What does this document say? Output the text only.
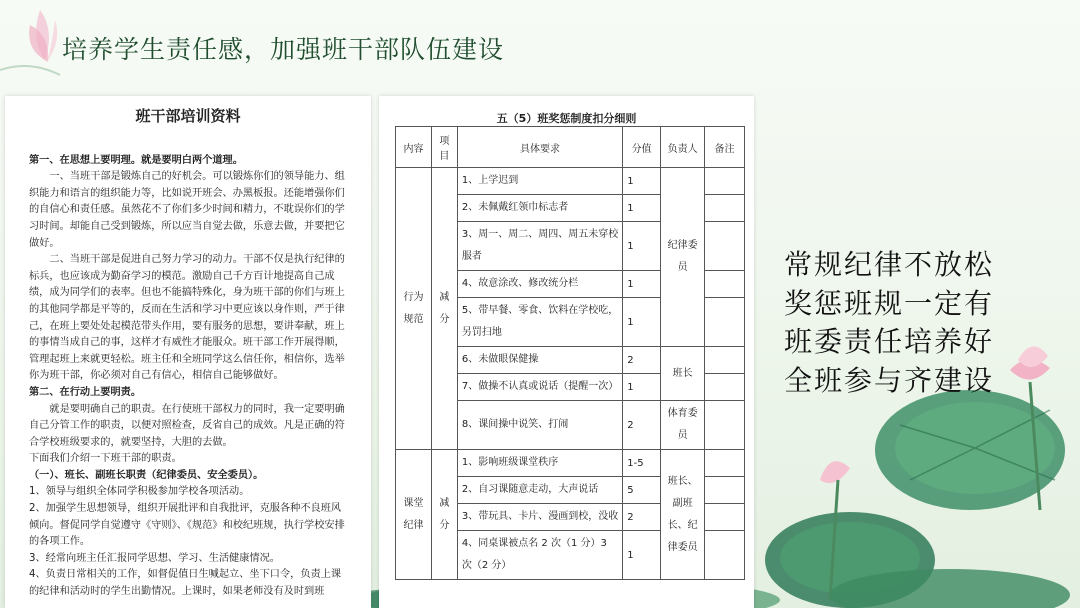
培养学生责任感，加强班干部队伍建设
班干部培训资料

第一、在思想上要明理。就是要明白两个道理。

一、当班干部是锻炼自己的好机会。可以锻炼你们的领导能力、组织能力和语言的组织能力等，比如说开班会、办黑板报。还能增强你们的自信心和责任感。虽然花不了你们多少时间和精力，不耽误你们的学习时间。却能自己受到锻炼，所以应当自觉去做，乐意去做，并要把它做好。

二、当班干部是促进自己努力学习的动力。干部不仅是执行纪律的标兵，也应该成为勤奋学习的模范。激励自己千方百计地提高自己成绩，成为同学们的表率。但也不能搞特殊化，身为班干部的你们与班上的其他同学都是平等的，反而在生活和学习中更应该以身作则，严于律己，在班上要处处起模范带头作用，要有服务的思想，要讲奉献，班上的事情当成自己的事，这样才有威性才能服众。班干部工作开展得顺，管理起班上来就更轻松。班主任和全班同学这么信任你，相信你，选举你为班干部，你必须对自己有信心，相信自己能够做好。

第二、在行动上要明责。

就是要明确自己的职责。在行使班干部权力的同时，我一定要明确自己分管工作的职责，以便对照检查，反省自己的成效。凡是正确的符合学校班级要求的，就要坚持，大胆的去做。

下面我们介绍一下班干部的职责。

（一）、班长、副班长职责（纪律委员、安全委员）。

1、领导与组织全体同学积极参加学校各项活动。

2、加强学生思想领导，组织开展批评和自我批评，克服各种不良班风倾向。督促同学自觉遵守《守则》、《规范》和校纪班规，执行学校安排的各项工作。

3、经常向班主任汇报同学思想、学习、生活健康情况。

4、负责日常相关的工作，如督促值日生喊起立、坐下口令，负责上课的纪律和活动时的学生出勤情况。上课时，如果老师没有及时到班

五（5）班奖惩制度扣分细则
内容	项目	具体要求	分值	负责人	备注
行为规范	减分	1、上学迟到	1	纪律委员	
		2、未佩戴红领巾标志者	1		
		3、周一、周二、周四、周五未穿校服者	1		
		4、故意涂改、修改统分栏	1		
		5、带早餐、零食、饮料在学校吃，另罚扫地	1		
		6、未做眼保健操	2	班长	
		7、做操不认真或说话（提醒一次）	1		
		8、课间操中说笑、打闹	2	体育委员	
课堂纪律	减分	1、影响班级课堂秩序	1-5	班长、副班长、纪律委员	
		2、自习课随意走动，大声说话	5		
		3、带玩具、卡片、漫画到校，没收	2		
		4、同桌课被点名 2 次（1 分）3 次（2 分）	1		
常规纪律不放松
奖惩班规一定有
班委责任培养好
全班参与齐建设
